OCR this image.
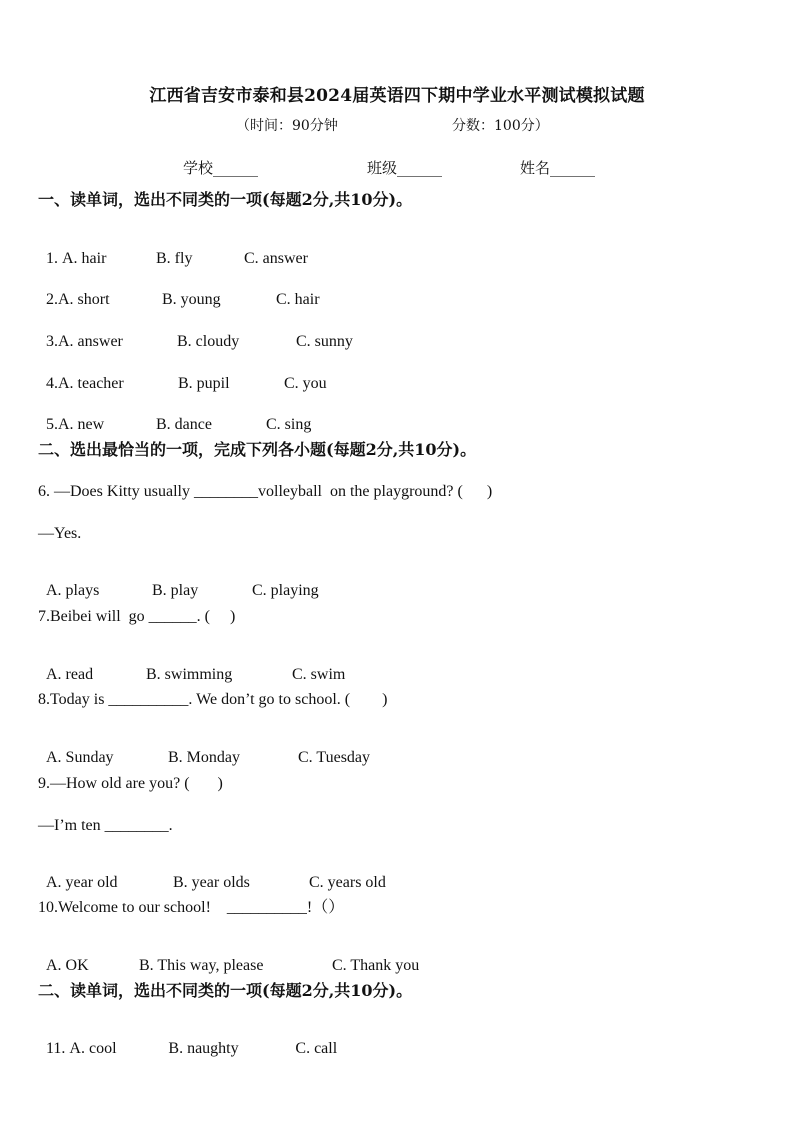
江西省吉安市泰和县2024届英语四下期中学业水平测试模拟试题
（时间：90分钟	分数：100分）
学校______	班级______	姓名______
一、读单词，选出不同类的一项(每题2分,共10分)。

1. A. hair	B. fly	C. answer

2.A. short	B. young	C. hair

3.A. answer	B. cloudy	C. sunny

4.A. teacher	B. pupil	C. you

5.A. new	B. dance	C. sing

二、选出最恰当的一项，完成下列各小题(每题2分,共10分)。
6. —Does Kitty usually ________volleyball  on the playground? (      )
—Yes.

A. plays	B. play	C. playing

7.Beibei will  go ______. (     )

A. read	B. swimming	C. swim

8.Today is __________. We don’t go to school. (        )

A. Sunday	B. Monday	C. Tuesday

9.—How old are you? (       )
—I’m ten ________.

A. year old	B. year olds	C. years old

10.Welcome to our school!    __________!（）

A. OK	B. This way, please	C. Thank you

二、读单词，选出不同类的一项(每题2分,共10分)。

11. A. cool	B. naughty	C. call
